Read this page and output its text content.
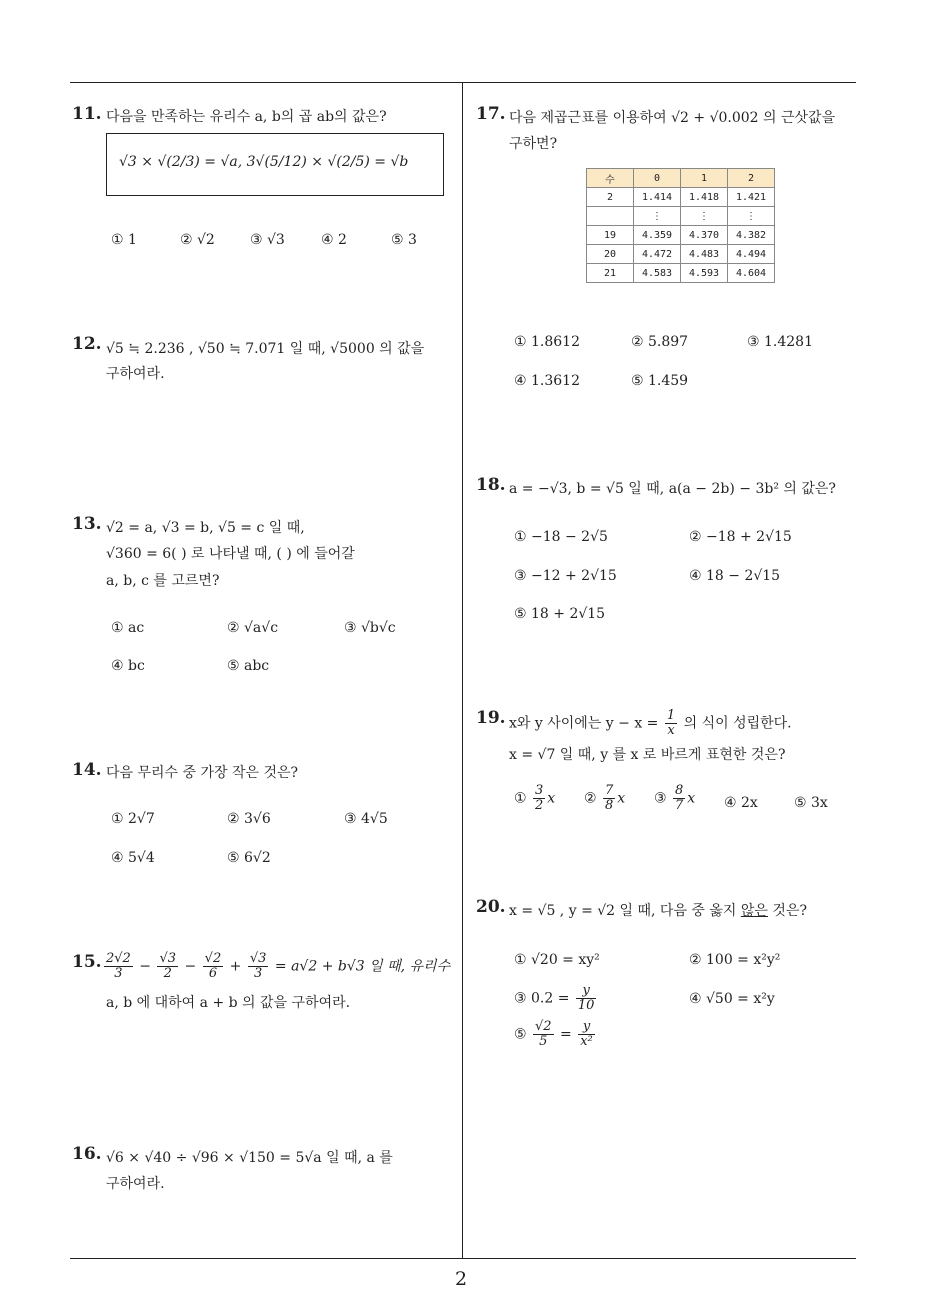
11. 다음을 만족하는 유리수 a, b의 곱 ab의 값은?
√3 × √(2/3) = √a, 3√(5/12) × √(2/5) = √b
① 1	② √2	③ √3	④ 2	⑤ 3
12. √5 ≒ 2.236 , √50 ≒ 7.071 일 때, √5000 의 값을
구하여라.
13. √2 = a, √3 = b, √5 = c 일 때,
√360 = 6( ) 로 나타낼 때, ( ) 에 들어갈
a, b, c 를 고르면?
① ac	② √a√c	③ √b√c
④ bc	⑤ abc
14. 다음 무리수 중 가장 작은 것은?
① 2√7	② 3√6	③ 4√5
④ 5√4	⑤ 6√2
15. $\frac{2√2}{3} - \frac{√3}{2} - \frac{√2}{6} + \frac{√3}{3} = a√2 + b√3$ 일 때, 유리수
a, b 에 대하여 a + b 의 값을 구하여라.
16. √6 × √40 ÷ √96 × √150 = 5√a 일 때, a 를
구하여라.
17. 다음 제곱근표를 이용하여 √2 + √0.002 의 근삿값을
구하면?
수	0	1	2
2	1.414	1.418	1.421
	⋮	⋮	⋮
19	4.359	4.370	4.382
20	4.472	4.483	4.494
21	4.583	4.593	4.604
① 1.8612	② 5.897	③ 1.4281
④ 1.3612	⑤ 1.459
18. a = −√3, b = √5 일 때, a(a − 2b) − 3b² 의 값은?
① −18 − 2√5	② −18 + 2√15
③ −12 + 2√15	④ 18 − 2√15
⑤ 18 + 2√15
19. x와 y 사이에는 $y - x = \frac{1}{x}$ 의 식이 성립한다.
x = √7 일 때, y 를 x 로 바르게 표현한 것은?
① $\frac{3}{2}$ x ② $\frac{7}{8}$ x ③ $\frac{8}{7}$ x ④ 2x	⑤ 3x
20. x = √5 , y = √2 일 때, 다음 중 옳지 않은 것은?
① √20 = xy²	② 100 = x²y²
③ $0.2 = \frac{y}{10}$	④ √50 = x²y
⑤ $\frac{√2}{5} = \frac{y}{\text{x²}}$
2
